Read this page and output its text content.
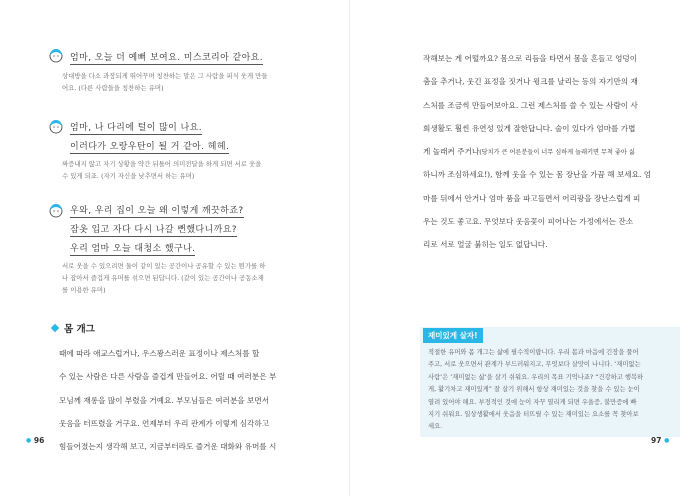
엄마, 오늘 더 예뻐 보여요. 미스코리아 같아요.
상대방을 다소 과장되게 뛰어꾸며 칭찬하는 말은 그 사람을 피식 웃게 만들
어요. (다른 사람들을 칭찬하는 유머)
엄마, 나 다리에 털이 많이 나요.
이러다가 오랑우탄이 될 거 같아. 헤헤.
짜증내지 않고 자기 상황을 약간 뒤틀어 의미전달을 하게 되면 서로 웃을
수 있게 되죠. (자기 자신을 낮추면서 하는 유머)
우와, 우리 집이 오늘 왜 이렇게 깨끗하죠?
잠옷 입고 자다 다시 나갈 뻔했다니까요?
우리 엄마 오늘 대청소 했구나.
서로 웃을 수 있으려면 둘이 같이 있는 공간이나 공유할 수 있는 뭔가를 하
나 잡아서 즐겁게 유머를 섞으면 된답니다. (같이 있는 공간이나 공동소재
를 이용한 유머)
몸 개그
때에 따라 애교스럽거나, 우스꽝스러운 표정이나 제스처를 할
수 있는 사람은 다른 사람을 즐겁게 만들어요. 어릴 때 여러분은 부
모님께 재롱을 많이 부렸을 거예요. 부모님들은 여러분을 보면서
웃음을 터뜨렸을 거구요. 언제부터 우리 관계가 이렇게 심각하고
힘들어졌는지 생각해 보고, 지금부터라도 즐거운 대화와 유머를 시
작해보는 게 어떨까요? 몸으로 리듬을 타면서 몸을 흔들고 엉덩이
춤을 추거나, 웃긴 표정을 짓거나 윙크를 날리는 등의 자기만의 재
스처를 조금씩 만들어보아요. 그런 제스처를 쓸 수 있는 사람이 사
회생활도 훨씬 유연성 있게 잘한답니다. 술이 있다가 엄마를 가볍
게 놀래켜 주거나(당치가 큰 어른분들이 너무 심하게 놀래키면 무척 좋아 싫
하니까 조심하세요!), 함께 웃을 수 있는 몸 장난을 가끔 해 보세요. 엄
마를 뒤에서 안거나 엄마 품을 파고들면서 어리광을 장난스럽게 피
우는 것도 좋고요. 무엇보다 웃음꽃이 피어나는 가정에서는 잔소
리로 서로 얼굴 붉히는 일도 없답니다.
재미있게 살자!
적절한 유머와 몸 개그는 삶에 필수적이랍니다. 우리 몸과 마음에 긴장을 풀어
주고, 서로 웃으면서 관계가 부드러워지고, 무엇보다 살맛이 나니다. ‘재미없는
사람’은 ‘재미없는 삶’을 살기 쉬워요. 우리의 목표 기억나죠? “건강하고 행복하
게, 활기차고 재미있게” 잘 살기 위해서 항상 재미있는 것을 찾을 수 있는 눈이
열려 있어야 해요. 부정적인 것에 눈이 자꾸 열리게 되면 우울증, 불만증에 빠
지기 쉬워요. 일상생활에서 웃음을 터뜨릴 수 있는 재미있는 요소를 꼭 찾아보
세요.
● 96	97 ●
